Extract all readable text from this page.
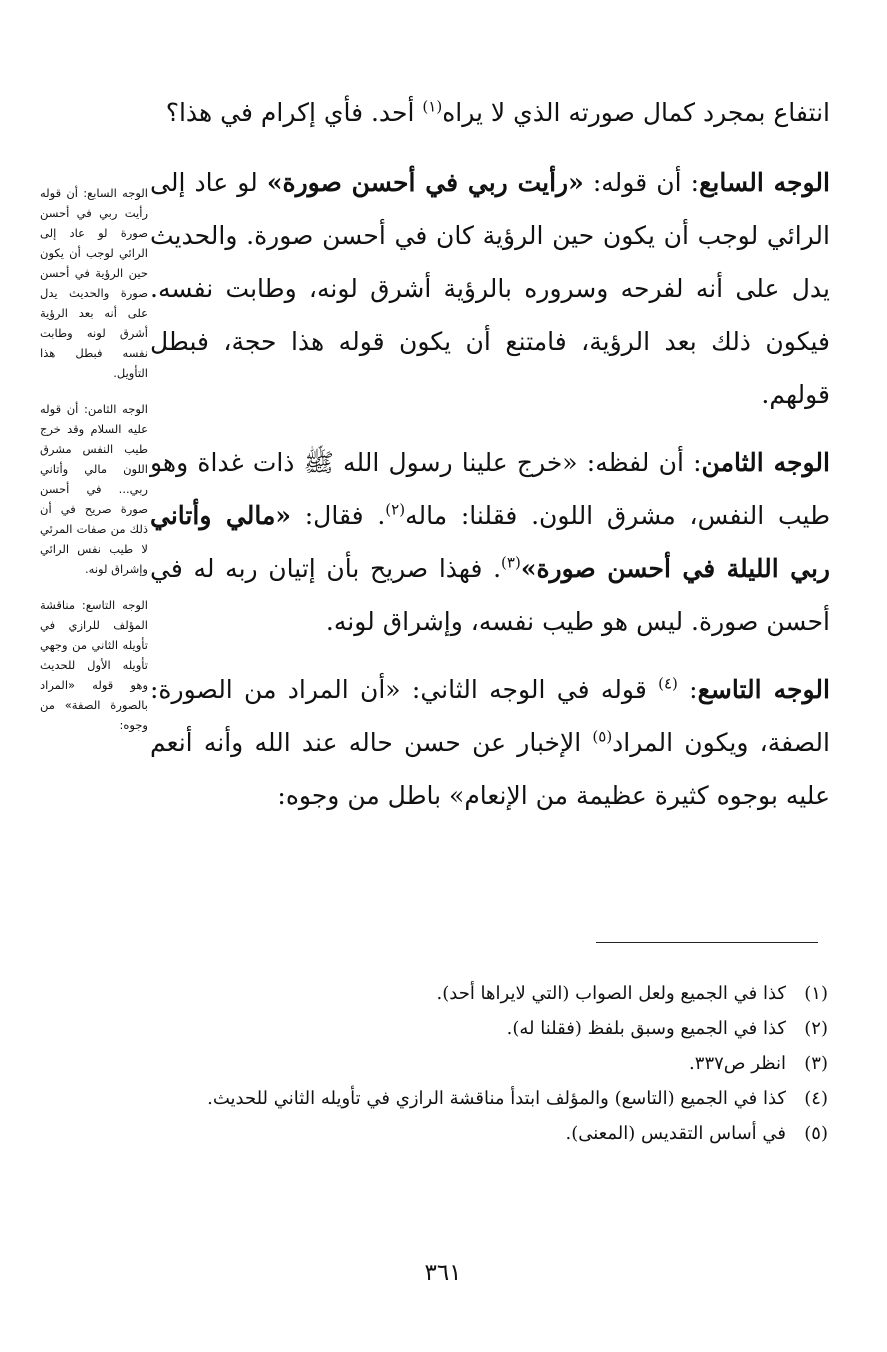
انتفاع بمجرد كمال صورته الذي لا يراه$^{(١)}$ أحد. فأي إكرام في هذا؟

الوجه السابع: أن قوله: «رأيت ربي في أحسن صورة» لو عاد إلى الرائي لوجب أن يكون حين الرؤية كان في أحسن صورة. والحديث يدل على أنه لفرحه وسروره بالرؤية أشرق لونه، وطابت نفسه. فيكون ذلك بعد الرؤية، فامتنع أن يكون قوله هذا حجة، فبطل قولهم.

الوجه الثامن: أن لفظه: «خرج علينا رسول الله ﷺ ذات غداة وهو طيب النفس، مشرق اللون. فقلنا: ماله$^{(٢)}$. فقال: «مالي وأتاني ربي الليلة في أحسن صورة»$^{(٣)}$. فهذا صريح بأن إتيان ربه له في أحسن صورة. ليس هو طيب نفسه، وإشراق لونه.

الوجه التاسع: $^{(٤)}$ قوله في الوجه الثاني: «أن المراد من الصورة: الصفة، ويكون المراد$^{(٥)}$ الإخبار عن حسن حاله عند الله وأنه أنعم عليه بوجوه كثيرة عظيمة من الإنعام» باطل من وجوه:

الوجه السابع: أن قوله رأيت ربي في أحسن صورة لو عاد إلى الرائي لوجب أن يكون حين الرؤية في أحسن صورة والحديث يدل على أنه بعد الرؤية أشرق لونه وطابت نفسه فبطل هذا التأويل.

الوجه الثامن: أن قوله عليه السلام وقد خرج طيب النفس مشرق اللون مالي وأتاني ربي... في أحسن صورة صريح في أن ذلك من صفات المرئي لا طيب نفس الرائي وإشراق لونه.

الوجه التاسع: مناقشة المؤلف للرازي في تأويله الثاني من وجهي تأويله الأول للحديث وهو قوله «المراد بالصورة الصفة» من وجوه:

(١)
كذا في الجميع ولعل الصواب (التي لايراها أحد).
(٢)
كذا في الجميع وسبق بلفظ (فقلنا له).
(٣)
انظر ص٣٣٧.
(٤)
كذا في الجميع (التاسع) والمؤلف ابتدأ مناقشة الرازي في تأويله الثاني للحديث.
(٥)
في أساس التقديس (المعنى).
٣٦١
